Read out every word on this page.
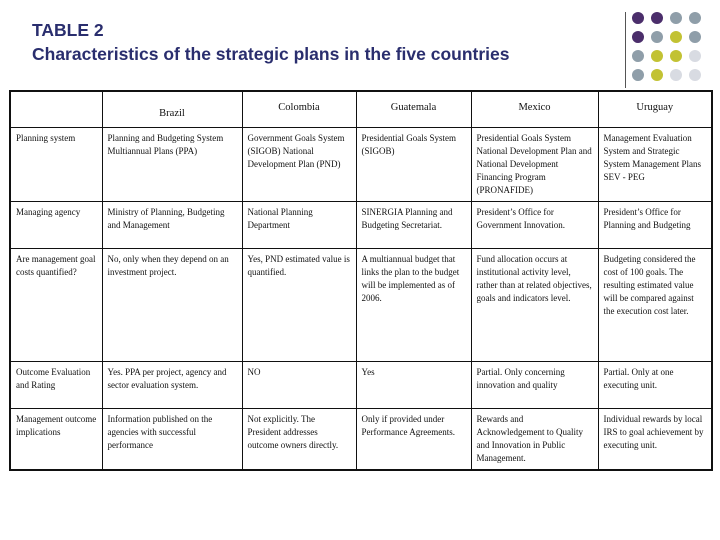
TABLE 2
Characteristics of the strategic plans in the five countries
	Brazil	Colombia	Guatemala	Mexico	Uruguay
Planning system	Planning and Budgeting System Multiannual Plans (PPA)	Government Goals System (SIGOB) National Development Plan (PND)	Presidential Goals System (SIGOB)	Presidential Goals System National Development Plan and National Development Financing Program (PRONAFIDE)	Management Evaluation System and Strategic System Management Plans SEV - PEG
Managing agency	Ministry of Planning, Budgeting and Management	National Planning Department	SINERGIA Planning and Budgeting Secretariat.	President’s Office for Government Innovation.	President’s Office for Planning and Budgeting
Are management goal costs quantified?	No, only when they depend on an investment project.	Yes, PND estimated value is quantified.	A multiannual budget that links the plan to the budget will be implemented as of 2006.	Fund allocation occurs at institutional activity level, rather than at related objectives, goals and indicators level.	Budgeting considered the cost of 100 goals. The resulting estimated value will be compared against the execution cost later.
Outcome Evaluation and Rating	Yes. PPA per project, agency and sector evaluation system.	NO	Yes	Partial. Only concerning innovation and quality	Partial. Only at one executing unit.
Management outcome implications	Information published on the agencies with successful performance	Not explicitly. The President addresses outcome owners directly.	Only if provided under Performance Agreements.	Rewards and Acknowledgement to Quality and Innovation in Public Management.	Individual rewards by local IRS to goal achievement by executing unit.
